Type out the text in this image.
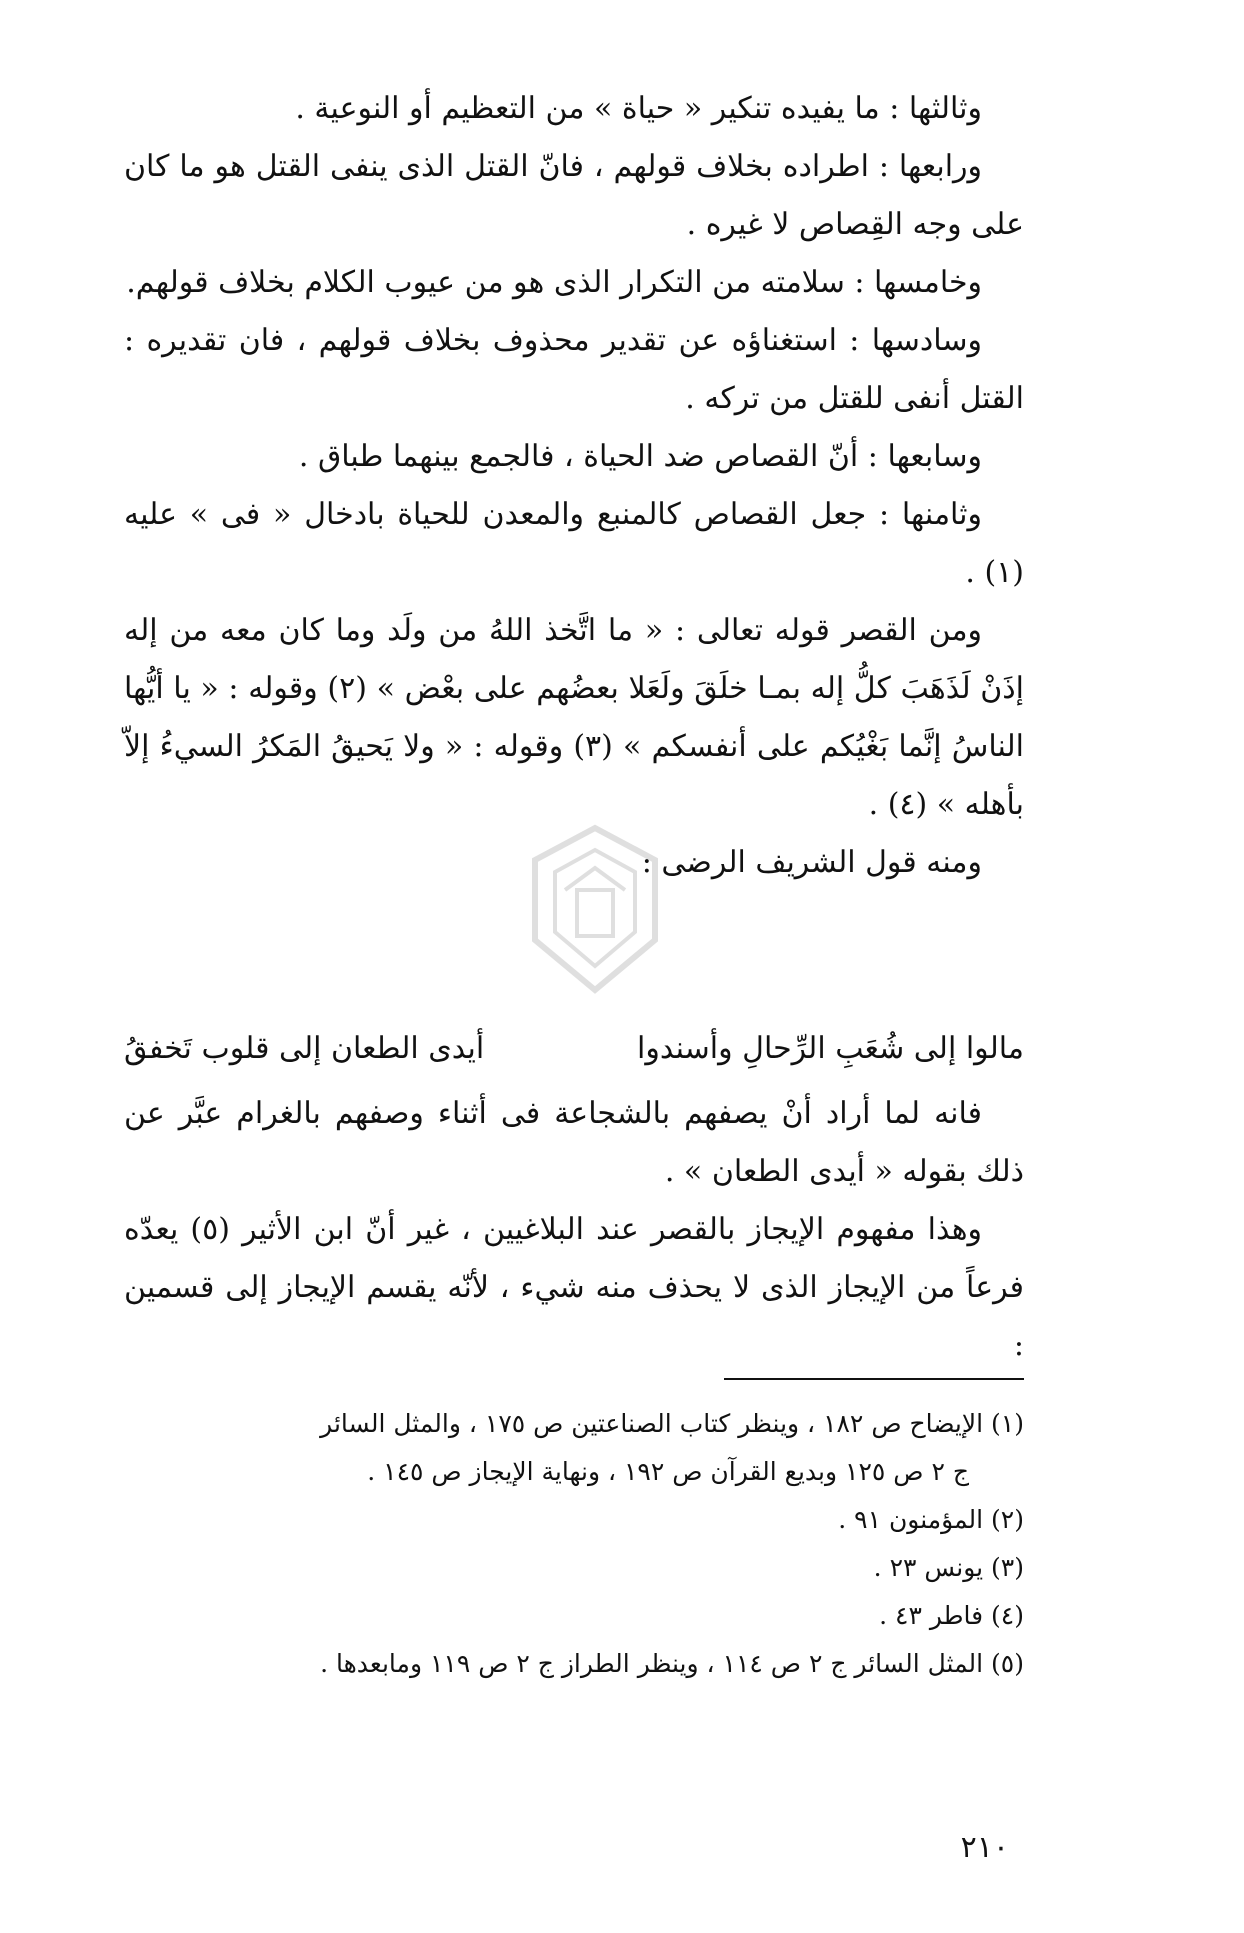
وثالثها : ما يفيده تنكير « حياة » من التعظيم أو النوعية .

ورابعها : اطراده بخلاف قولهم ، فانّ القتل الذى ينفى القتل هو ما كان على وجه القِصاص لا غيره .

وخامسها : سلامته من التكرار الذى هو من عيوب الكلام بخلاف قولهم.

وسادسها : استغناؤه عن تقدير محذوف بخلاف قولهم ، فان تقديره : القتل أنفى للقتل من تركه .

وسابعها : أنّ القصاص ضد الحياة ، فالجمع بينهما طباق .

وثامنها : جعل القصاص كالمنبع والمعدن للحياة بادخال « فى » عليه (١) .

ومن القصر قوله تعالى : « ما اتَّخذ اللهُ من ولَد وما كان معه من إله إذَنْ لَذَهَبَ كلُّ إله بمـا خلَقَ ولَعَلا بعضُهم على بعْض » (٢) وقوله : « يا أيُّها الناسُ إنَّما بَغْيُكم على أنفسكم » (٣) وقوله : « ولا يَحيقُ المَكرُ السيءُ إلاّ بأهله » (٤) .

ومنه قول الشريف الرضى :

مالوا إلى شُعَبِ الرِّحالِ وأسندوا
أيدى الطعان إلى قلوب تَخفقُ

فانه لما أراد أنْ يصفهم بالشجاعة فى أثناء وصفهم بالغرام عبَّر عن ذلك بقوله « أيدى الطعان » .

وهذا مفهوم الإيجاز بالقصر عند البلاغيين ، غير أنّ ابن الأثير (٥) يعدّه فرعاً من الإيجاز الذى لا يحذف منه شيء ، لأنّه يقسم الإيجاز إلى قسمين :

(١) الإيضاح ص ١٨٢ ، وينظر كتاب الصناعتين ص ١٧٥ ، والمثل السائر

ج ٢ ص ١٢٥ وبديع القرآن ص ١٩٢ ، ونهاية الإيجاز ص ١٤٥ .

(٢) المؤمنون ٩١ .

(٣) يونس ٢٣ .

(٤) فاطر ٤٣ .

(٥) المثل السائر ج ٢ ص ١١٤ ، وينظر الطراز ج ٢ ص ١١٩ ومابعدها .

٢١٠
